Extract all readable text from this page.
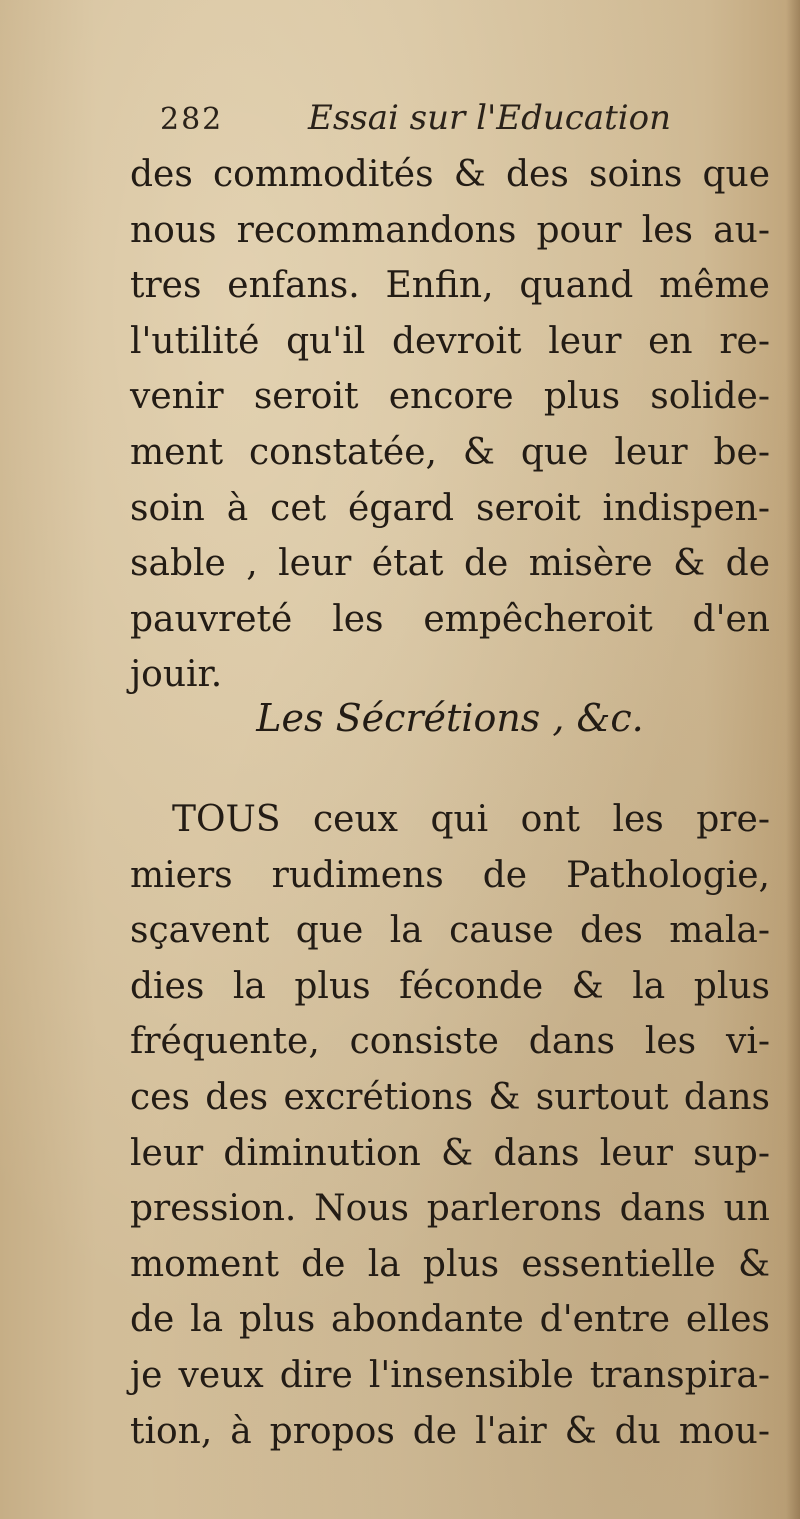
282 Essai sur l'Education
des commodités & des soins que
nous recommandons pour les au-
tres enfans. Enfin, quand même
l'utilité qu'il devroit leur en re-
venir seroit encore plus solide-
ment constatée, & que leur be-
soin à cet égard seroit indispen-
sable , leur état de misère & de
pauvreté les empêcheroit d'en
jouir.
Les Sécrétions , &c.
TOUS ceux qui ont les pre-
miers rudimens de Pathologie,
sçavent que la cause des mala-
dies la plus féconde & la plus
fréquente, consiste dans les vi-
ces des excrétions & surtout dans
leur diminution & dans leur sup-
pression. Nous parlerons dans un
moment de la plus essentielle &
de la plus abondante d'entre elles
je veux dire l'insensible transpira-
tion, à propos de l'air & du mou-
